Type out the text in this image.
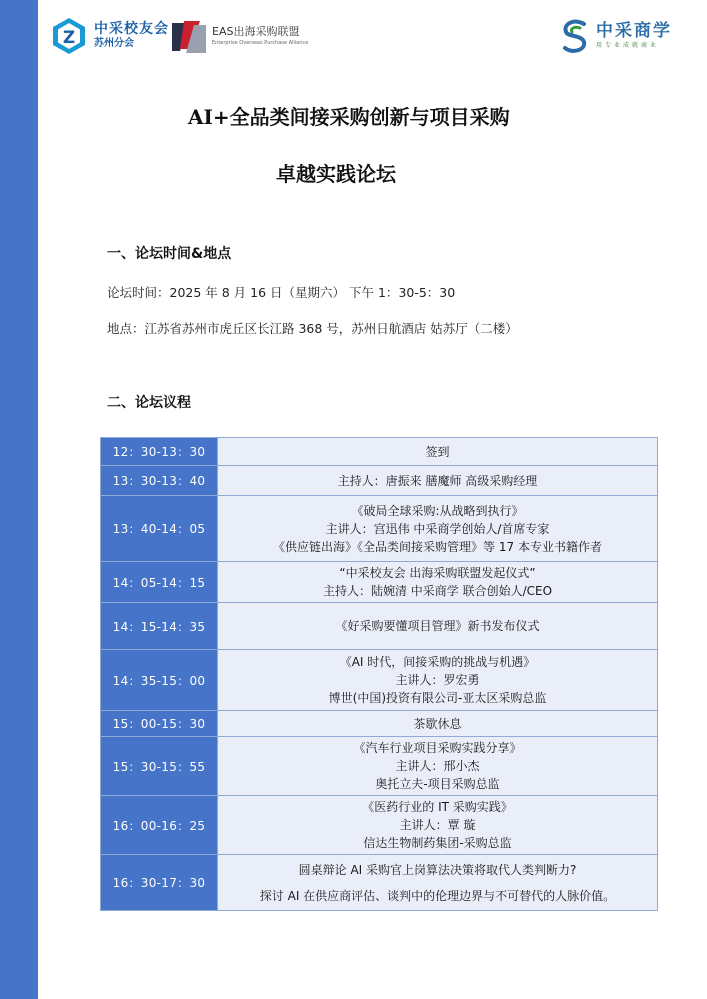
Z 中采校友会
苏州分会
EAS出海采购联盟
Enterprise Overseas Purchase Alliance
中采商学
用专业成就商业
AI+全品类间接采购创新与项目采购
卓越实践论坛
一、论坛时间&地点
论坛时间：2025 年 8 月 16 日（星期六） 下午 1：30-5：30
地点：江苏省苏州市虎丘区长江路 368 号，苏州日航酒店 姑苏厅（二楼）
二、论坛议程
12：30-13：30	签到

13：30-13：40	主持人：唐振来 膳魔师 高级采购经理

13：40-14：05	《破局全球采购:从战略到执行》
主讲人：宫迅伟 中采商学创始人/首席专家
《供应链出海》《全品类间接采购管理》等 17 本专业书籍作者

14：05-14：15	“中采校友会 出海采购联盟发起仪式”
主持人：陆婉清 中采商学 联合创始人/CEO

14：15-14：35	《好采购要懂项目管理》新书发布仪式

14：35-15：00	《AI 时代，间接采购的挑战与机遇》
主讲人：罗宏勇
博世(中国)投资有限公司-亚太区采购总监

15：00-15：30	茶歇休息

15：30-15：55	《汽车行业项目采购实践分享》
主讲人：邢小杰
奥托立夫-项目采购总监

16：00-16：25	《医药行业的 IT 采购实践》
主讲人：覃 璇
信达生物制药集团-采购总监

16：30-17：30	圆桌辩论 AI 采购官上岗算法决策将取代人类判断力?
探讨 AI 在供应商评估、谈判中的伦理边界与不可替代的人脉价值。
